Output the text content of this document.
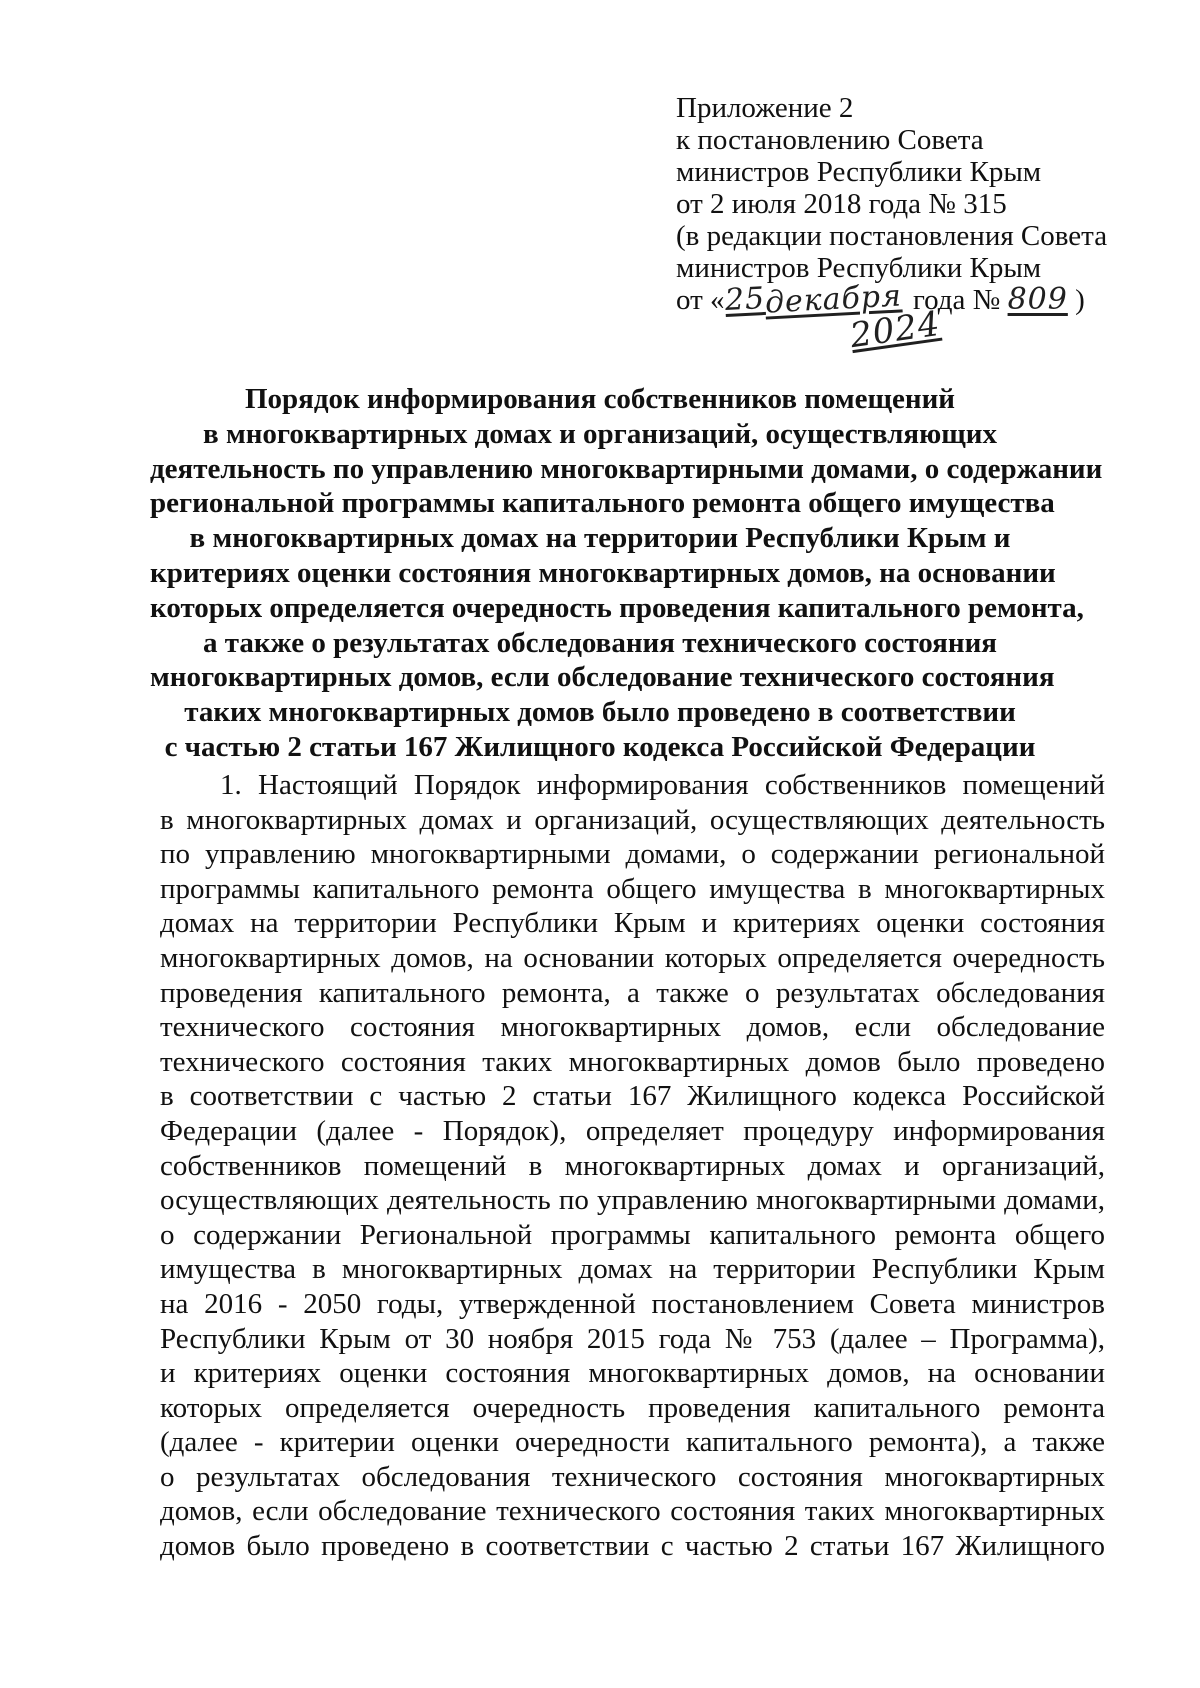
Приложение 2
к постановлению Совета
министров Республики Крым
от 2 июля 2018 года № 315
(в редакции постановления Совета
министров Республики Крым
от «25декабря года № 809 )
2024
Порядок информирования собственников помещений
в многоквартирных домах и организаций, осуществляющих
деятельность по управлению многоквартирными домами, о содержании
региональной программы капитального ремонта общего имущества
в многоквартирных домах на территории Республики Крым и
критериях оценки состояния многоквартирных домов, на основании
которых определяется очередность проведения капитального ремонта,
а также о результатах обследования технического состояния
многоквартирных домов, если обследование технического состояния
таких многоквартирных домов было проведено в соответствии
с частью 2 статьи 167 Жилищного кодекса Российской Федерации
1. Настоящий Порядок информирования собственников помещений
в многоквартирных домах и организаций, осуществляющих деятельность
по управлению многоквартирными домами, о содержании региональной
программы капитального ремонта общего имущества в многоквартирных
домах на территории Республики Крым и критериях оценки состояния
многоквартирных домов, на основании которых определяется очередность
проведения капитального ремонта, а также о результатах обследования
технического состояния многоквартирных домов, если обследование
технического состояния таких многоквартирных домов было проведено
в соответствии с частью 2 статьи 167 Жилищного кодекса Российской
Федерации (далее - Порядок), определяет процедуру информирования
собственников помещений в многоквартирных домах и организаций,
осуществляющих деятельность по управлению многоквартирными домами,
о содержании Региональной программы капитального ремонта общего
имущества в многоквартирных домах на территории Республики Крым
на 2016 - 2050 годы, утвержденной постановлением Совета министров
Республики Крым от 30 ноября 2015 года № 753 (далее – Программа),
и критериях оценки состояния многоквартирных домов, на основании
которых определяется очередность проведения капитального ремонта
(далее - критерии оценки очередности капитального ремонта), а также
о результатах обследования технического состояния многоквартирных
домов, если обследование технического состояния таких многоквартирных
домов было проведено в соответствии с частью 2 статьи 167 Жилищного
